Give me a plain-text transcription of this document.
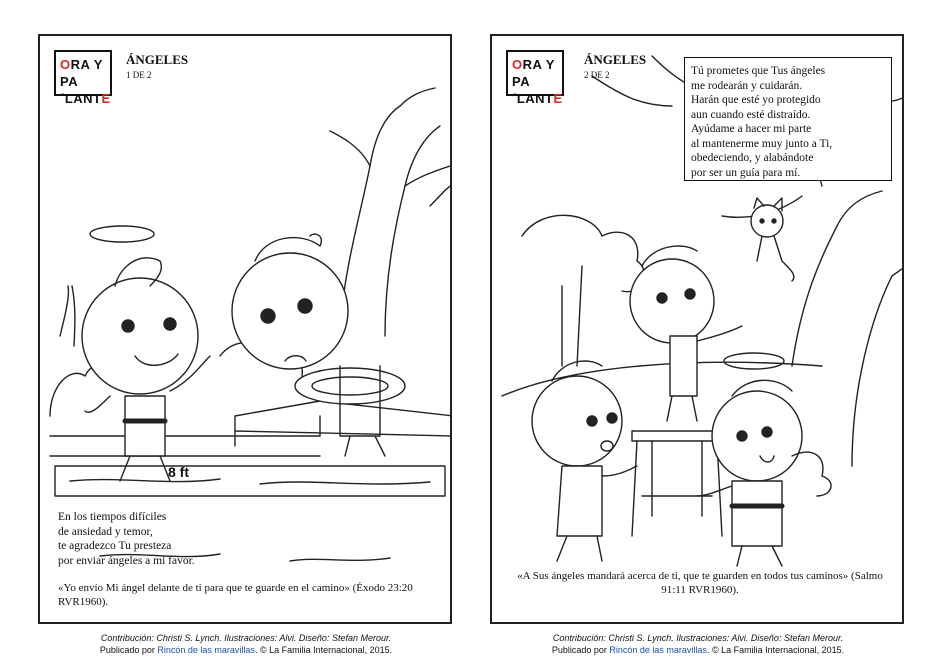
ORA Y
PA´LANTE
ÁNGELES
1 DE 2
8 ft
En los tiempos difíciles
de ansiedad y temor,
te agradezco Tu presteza
por enviar ángeles a mi favor.
«Yo envío Mi ángel delante de ti para que te guarde en el camino» (Éxodo 23:20 RVR1960).
ORA Y
PA´LANTE
ÁNGELES
2 DE 2	Tú prometes que Tus ángeles
me rodearán y cuidarán.
Harán que esté yo protegido
aun cuando esté distraído.
Ayúdame a hacer mi parte
al mantenerme muy junto a Ti,
obedeciendo, y alabándote
por ser un guía para mí.
«A Sus ángeles mandará acerca de ti, que te guarden en todos tus caminos» (Salmo 91:11 RVR1960).
Contribución: Christi S. Lynch. Ilustraciones: Alvi. Diseño: Stefan Merour.
Publicado por Rincón de las maravillas. © La Familia Internacional, 2015.
Contribución: Christi S. Lynch. Ilustraciones: Alvi. Diseño: Stefan Merour.
Publicado por Rincón de las maravillas. © La Familia Internacional, 2015.
